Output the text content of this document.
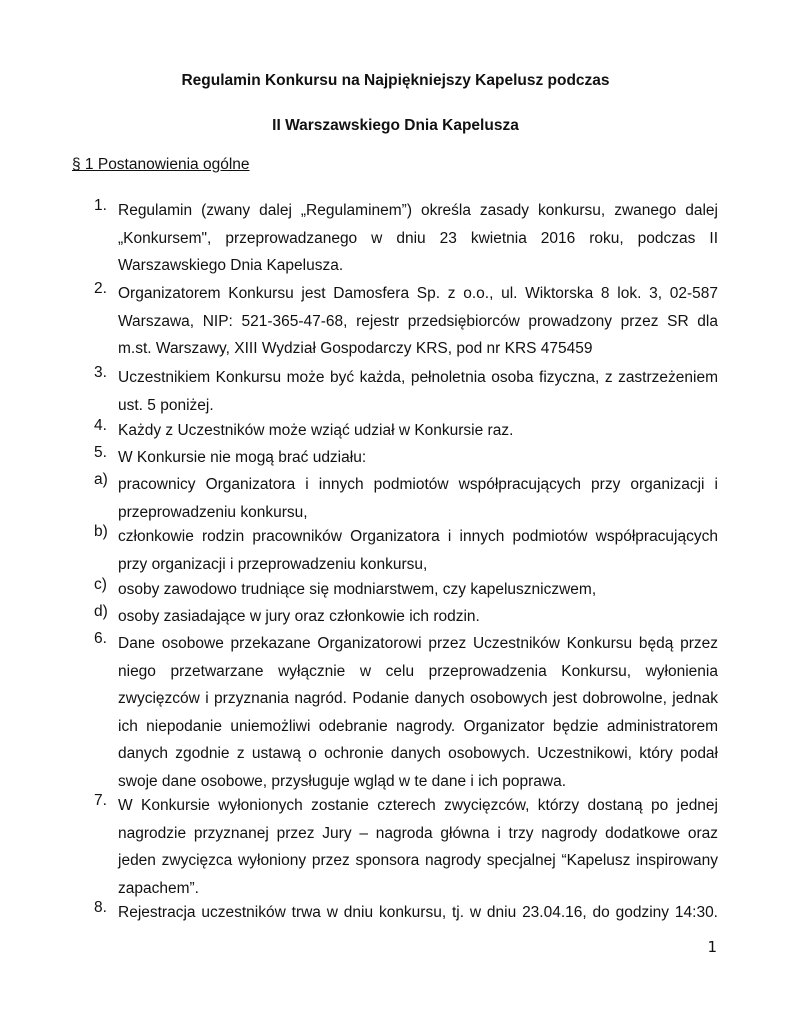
Regulamin Konkursu na Najpiękniejszy Kapelusz podczas
II Warszawskiego Dnia Kapelusza
§ 1 Postanowienia ogólne
1. Regulamin (zwany dalej „Regulaminem”) określa zasady konkursu, zwanego dalej
„Konkursem", przeprowadzanego w dniu 23 kwietnia 2016 roku, podczas II
Warszawskiego Dnia Kapelusza.
2. Organizatorem Konkursu jest Damosfera Sp. z o.o., ul. Wiktorska 8 lok. 3, 02-587
Warszawa, NIP: 521-365-47-68, rejestr przedsiębiorców prowadzony przez SR dla
m.st. Warszawy, XIII Wydział Gospodarczy KRS, pod nr KRS 475459
3. Uczestnikiem Konkursu może być każda, pełnoletnia osoba fizyczna, z zastrzeżeniem
ust. 5 poniżej.
4. Każdy z Uczestników może wziąć udział w Konkursie raz.
5. W Konkursie nie mogą brać udziału:
a) pracownicy Organizatora i innych podmiotów współpracujących przy organizacji i
przeprowadzeniu konkursu,
b) członkowie rodzin pracowników Organizatora i innych podmiotów współpracujących
przy organizacji i przeprowadzeniu konkursu,
c) osoby zawodowo trudniące się modniarstwem, czy kapeluszniczwem,
d) osoby zasiadające w jury oraz członkowie ich rodzin.
6. Dane osobowe przekazane Organizatorowi przez Uczestników Konkursu będą przez
niego przetwarzane wyłącznie w celu przeprowadzenia Konkursu, wyłonienia
zwycięzców i przyznania nagród. Podanie danych osobowych jest dobrowolne, jednak
ich niepodanie uniemożliwi odebranie nagrody. Organizator będzie administratorem
danych zgodnie z ustawą o ochronie danych osobowych. Uczestnikowi, który podał
swoje dane osobowe, przysługuje wgląd w te dane i ich poprawa.
7. W Konkursie wyłonionych zostanie czterech zwycięzców, którzy dostaną po jednej
nagrodzie przyznanej przez Jury – nagroda główna i trzy nagrody dodatkowe oraz
jeden zwycięzca wyłoniony przez sponsora nagrody specjalnej “Kapelusz inspirowany
zapachem”.
8. Rejestracja uczestników trwa w dniu konkursu, tj. w dniu 23.04.16, do godziny 14:30.
1
